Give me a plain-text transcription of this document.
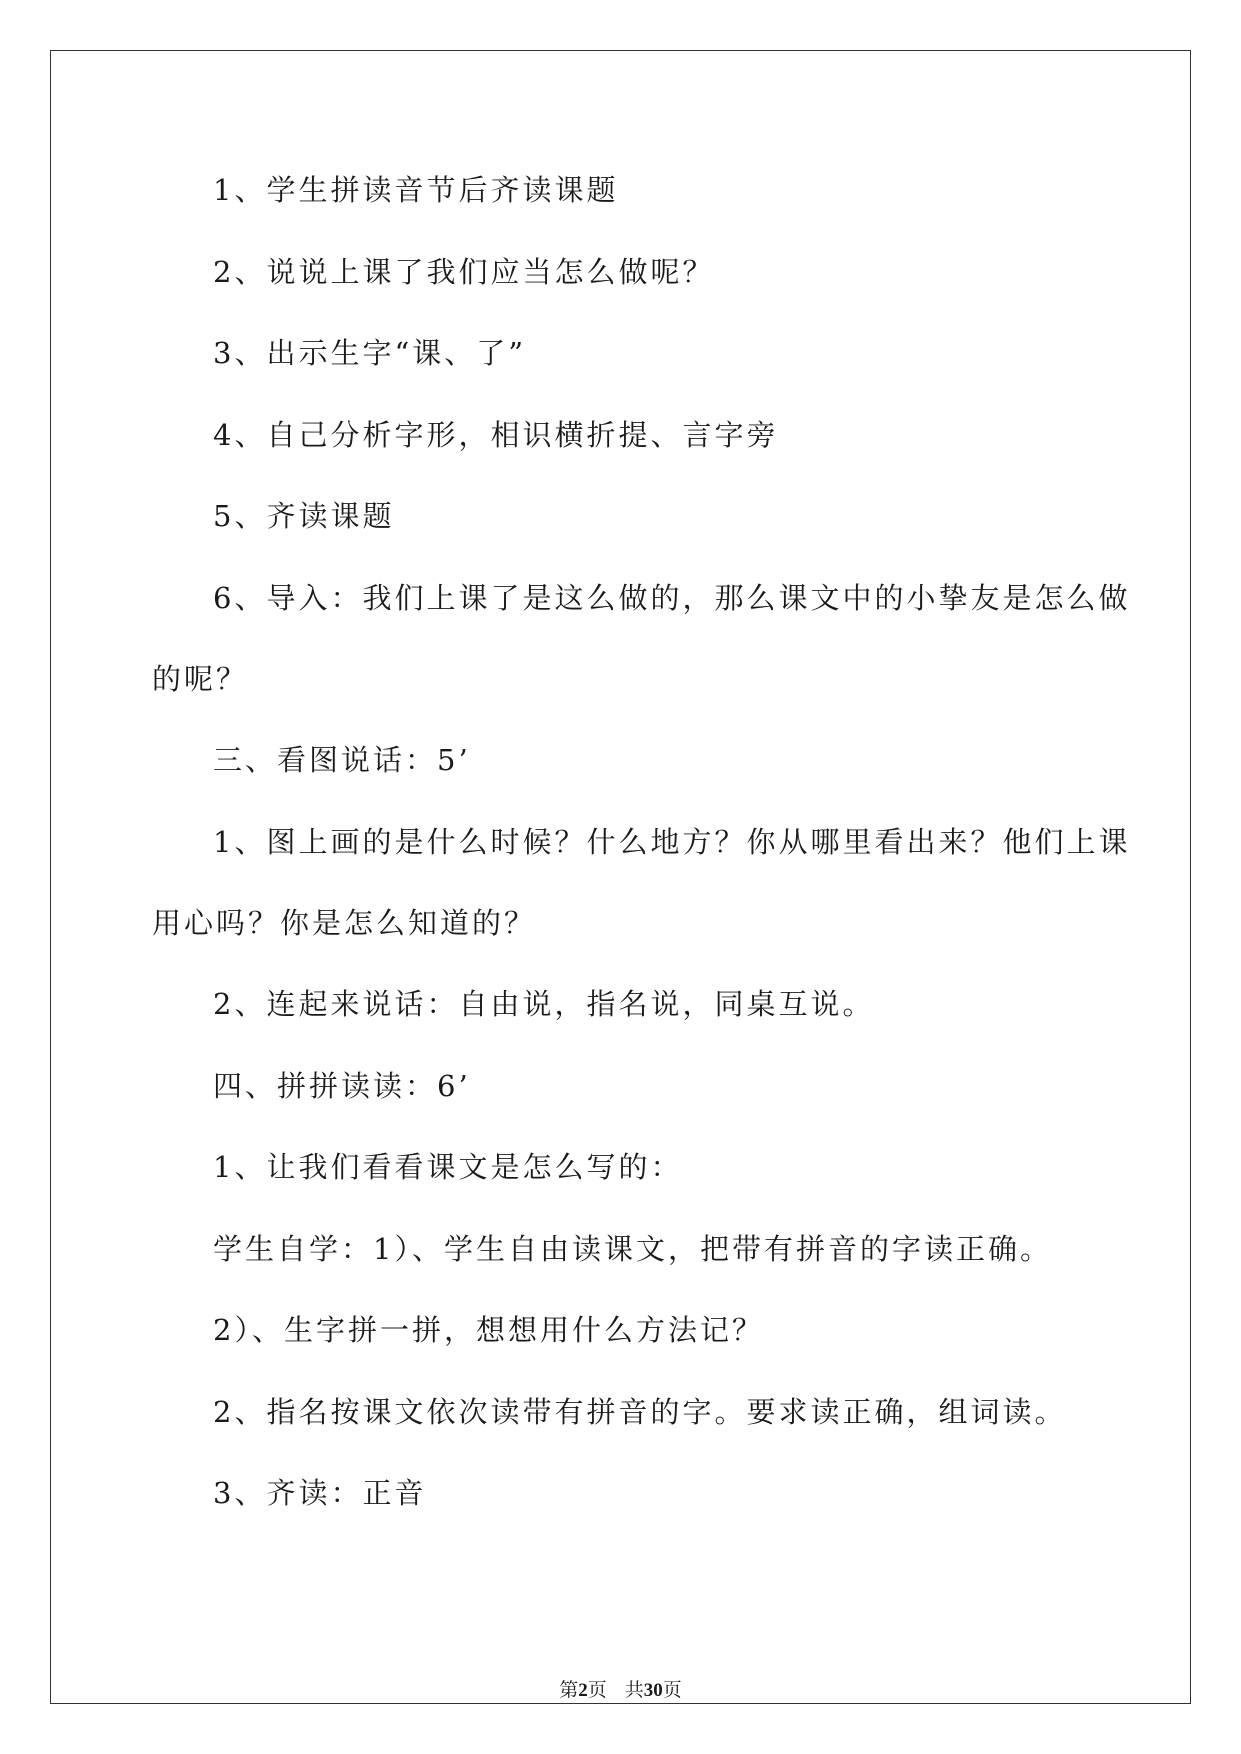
1、学生拼读音节后齐读课题
2、说说上课了我们应当怎么做呢？
3、出示生字“课、了”
4、自己分析字形，相识横折提、言字旁
5、齐读课题
6、导入：我们上课了是这么做的，那么课文中的小挚友是怎么做
的呢？
三、看图说话：5’
1、图上画的是什么时候？什么地方？你从哪里看出来？他们上课
用心吗？你是怎么知道的？
2、连起来说话：自由说，指名说，同桌互说。
四、拼拼读读：6’
1、让我们看看课文是怎么写的：
学生自学：1）、学生自由读课文，把带有拼音的字读正确。
2）、生字拼一拼，想想用什么方法记？
2、指名按课文依次读带有拼音的字。要求读正确，组词读。
3、齐读：正音
第2页 共30页
